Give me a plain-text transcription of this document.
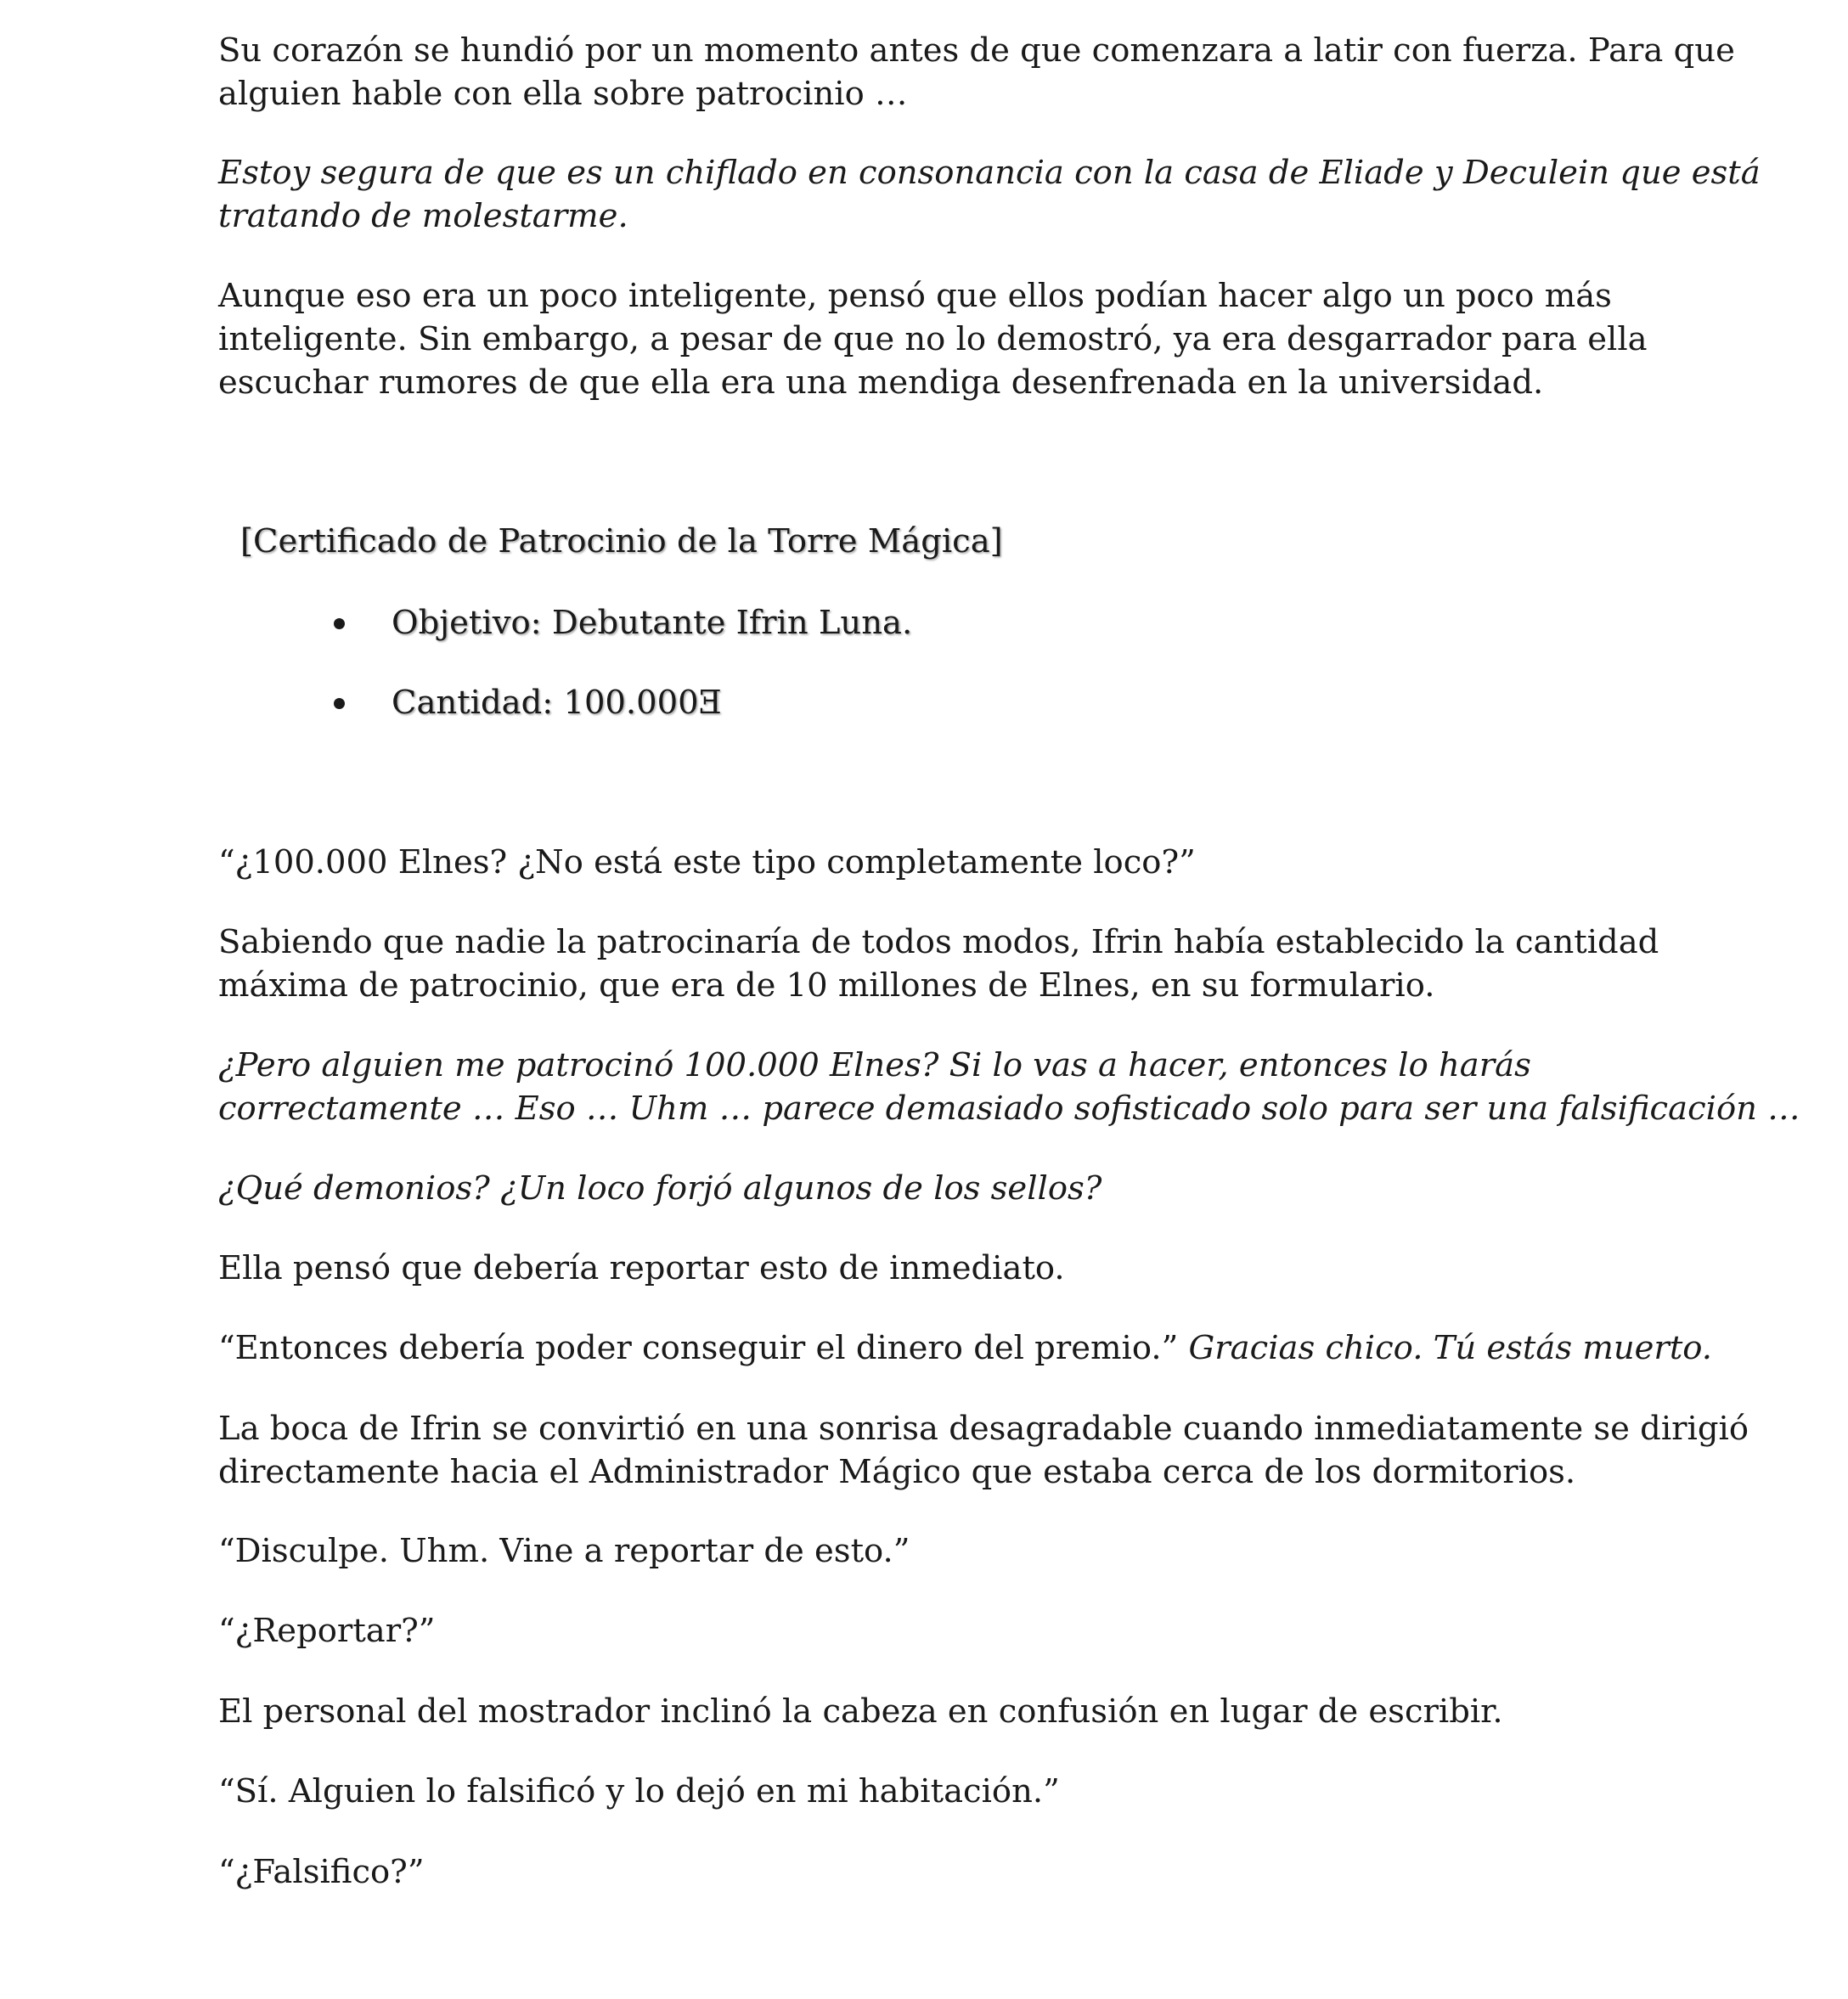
Su corazón se hundió por un momento antes de que comenzara a latir con fuerza. Para que
alguien hable con ella sobre patrocinio …

Estoy segura de que es un chiflado en consonancia con la casa de Eliade y Deculein que está
tratando de molestarme.

Aunque eso era un poco inteligente, pensó que ellos podían hacer algo un poco más
inteligente. Sin embargo, a pesar de que no lo demostró, ya era desgarrador para ella
escuchar rumores de que ella era una mendiga desenfrenada en la universidad.

[Certificado de Patrocinio de la Torre Mágica]

Objetivo: Debutante Ifrin Luna.
Cantidad: 100.000Ǝ

“¿100.000 Elnes? ¿No está este tipo completamente loco?”

Sabiendo que nadie la patrocinaría de todos modos, Ifrin había establecido la cantidad
máxima de patrocinio, que era de 10 millones de Elnes, en su formulario.

¿Pero alguien me patrocinó 100.000 Elnes? Si lo vas a hacer, entonces lo harás
correctamente … Eso … Uhm … parece demasiado sofisticado solo para ser una falsificación …

¿Qué demonios? ¿Un loco forjó algunos de los sellos?

Ella pensó que debería reportar esto de inmediato.

“Entonces debería poder conseguir el dinero del premio.” Gracias chico. Tú estás muerto.

La boca de Ifrin se convirtió en una sonrisa desagradable cuando inmediatamente se dirigió
directamente hacia el Administrador Mágico que estaba cerca de los dormitorios.

“Disculpe. Uhm. Vine a reportar de esto.”

“¿Reportar?”

El personal del mostrador inclinó la cabeza en confusión en lugar de escribir.

“Sí. Alguien lo falsificó y lo dejó en mi habitación.”

“¿Falsifico?”
